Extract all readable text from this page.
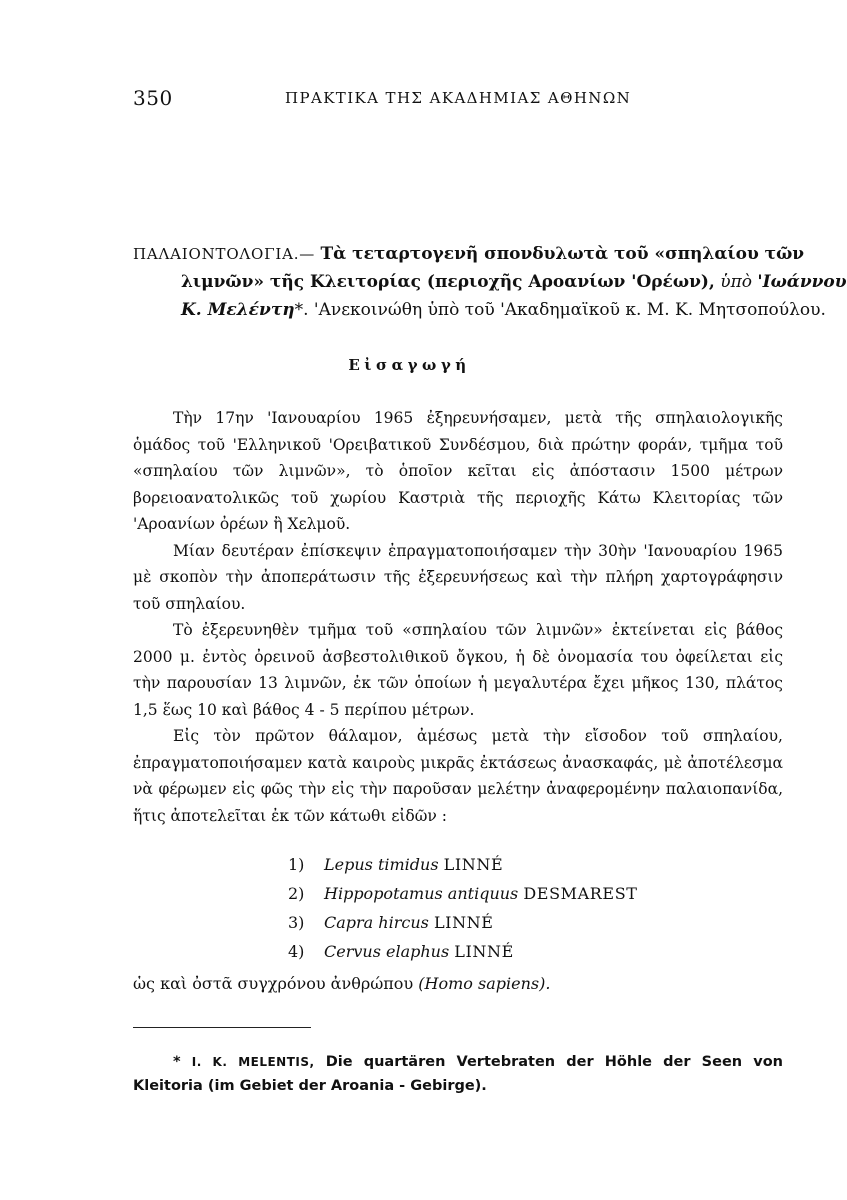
350	ΠΡΑΚΤΙΚΑ ΤΗΣ ΑΚΑΔΗΜΙΑΣ ΑΘΗΝΩΝ
ΠΑΛΑΙΟΝΤΟΛΟΓΙΑ.— Τὰ τεταρτογενῆ σπονδυλωτὰ τοῦ «σπηλαίου τῶν
λιμνῶν» τῆς Κλειτορίας (περιοχῆς Αροανίων 'Ορέων), ὑπὸ 'Ιωάννου
Κ. Μελέντη*. 'Ανεκοινώθη ὑπὸ τοῦ 'Ακαδημαϊκοῦ κ. Μ. Κ. Μητσοπούλου.
Εἰσαγωγή

Τὴν 17ην 'Ιανουαρίου 1965 ἐξηρευνήσαμεν, μετὰ τῆς σπηλαιολογικῆς ὁμάδος τοῦ 'Ελληνικοῦ 'Ορειβατικοῦ Συνδέσμου, διὰ πρώτην φοράν, τμῆμα τοῦ «σπηλαίου τῶν λιμνῶν», τὸ ὁποῖον κεῖται εἰς ἀπόστασιν 1500 μέτρων βορειοανατολικῶς τοῦ χωρίου Καστριὰ τῆς περιοχῆς Κάτω Κλειτορίας τῶν 'Αροανίων ὀρέων ἢ Χελμοῦ.

Μίαν δευτέραν ἐπίσκεψιν ἐπραγματοποιήσαμεν τὴν 30ὴν 'Ιανουαρίου 1965 μὲ σκοπὸν τὴν ἀποπεράτωσιν τῆς ἐξερευνήσεως καὶ τὴν πλήρη χαρτογράφησιν τοῦ σπηλαίου.

Τὸ ἐξερευνηθὲν τμῆμα τοῦ «σπηλαίου τῶν λιμνῶν» ἐκτείνεται εἰς βάθος 2000 μ. ἐντὸς ὀρεινοῦ ἀσβεστολιθικοῦ ὄγκου, ἡ δὲ ὀνομασία του ὀφείλεται εἰς τὴν παρουσίαν 13 λιμνῶν, ἐκ τῶν ὁποίων ἡ μεγαλυτέρα ἔχει μῆκος 130, πλάτος 1,5 ἕως 10 καὶ βάθος 4 - 5 περίπου μέτρων.

Εἰς τὸν πρῶτον θάλαμον, ἀμέσως μετὰ τὴν εἴσοδον τοῦ σπηλαίου, ἐπραγματοποιήσαμεν κατὰ καιροὺς μικρᾶς ἐκτάσεως ἀνασκαφάς, μὲ ἀποτέλεσμα νὰ φέρωμεν εἰς φῶς τὴν εἰς τὴν παροῦσαν μελέτην ἀναφερομένην παλαιοπανίδα, ἥτις ἀποτελεῖται ἐκ τῶν κάτωθι εἰδῶν :

1) Lepus timidus LINNÉ
2) Hippopotamus antiquus DESMAREST
3) Capra hircus LINNÉ
4) Cervus elaphus LINNÉ
ὡς καὶ ὀστᾶ συγχρόνου ἀνθρώπου (Homo sapiens).

* I. K. MELENTIS, Die quartären Vertebraten der Höhle der Seen von Kleitoria (im Gebiet der Aroania - Gebirge).
